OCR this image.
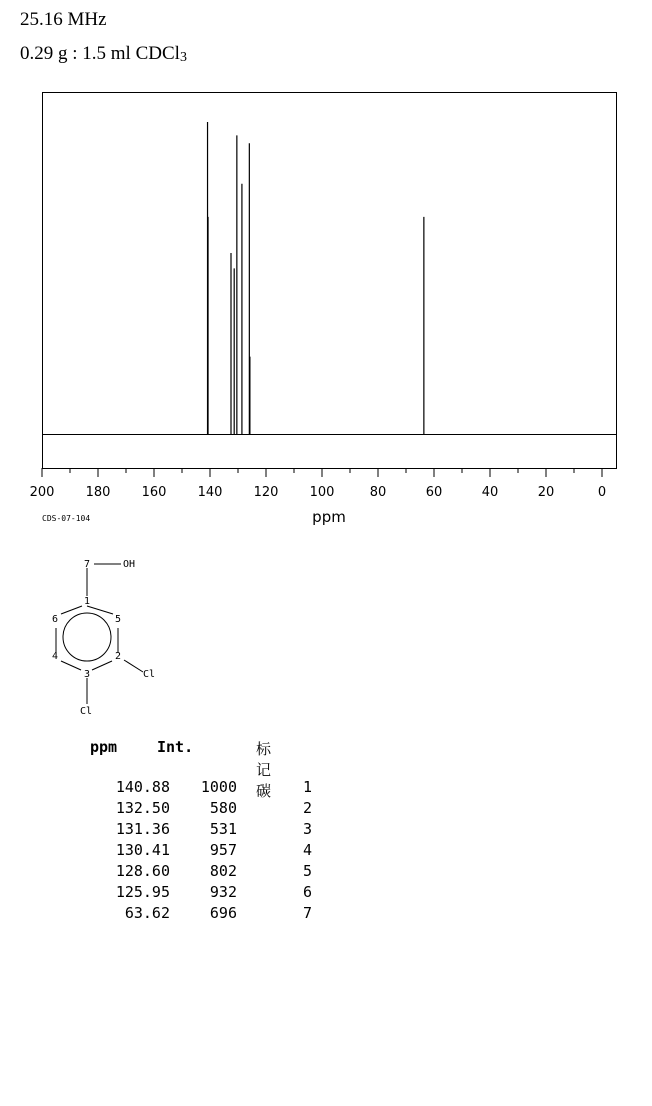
25.16 MHz
0.29 g : 1.5 ml CDCl$_3$
200 180 160 140 120 100	80	60	40	20	0
ppm
CDS-07-104
7	OH
1
5
6
4	2
Cl
3
Cl
ppm	Int.	标记碳
140.88 1000	1
132.50	580	2
131.36	531	3
130.41	957	4
128.60	802	5
125.95	932	6
63.62	696	7
